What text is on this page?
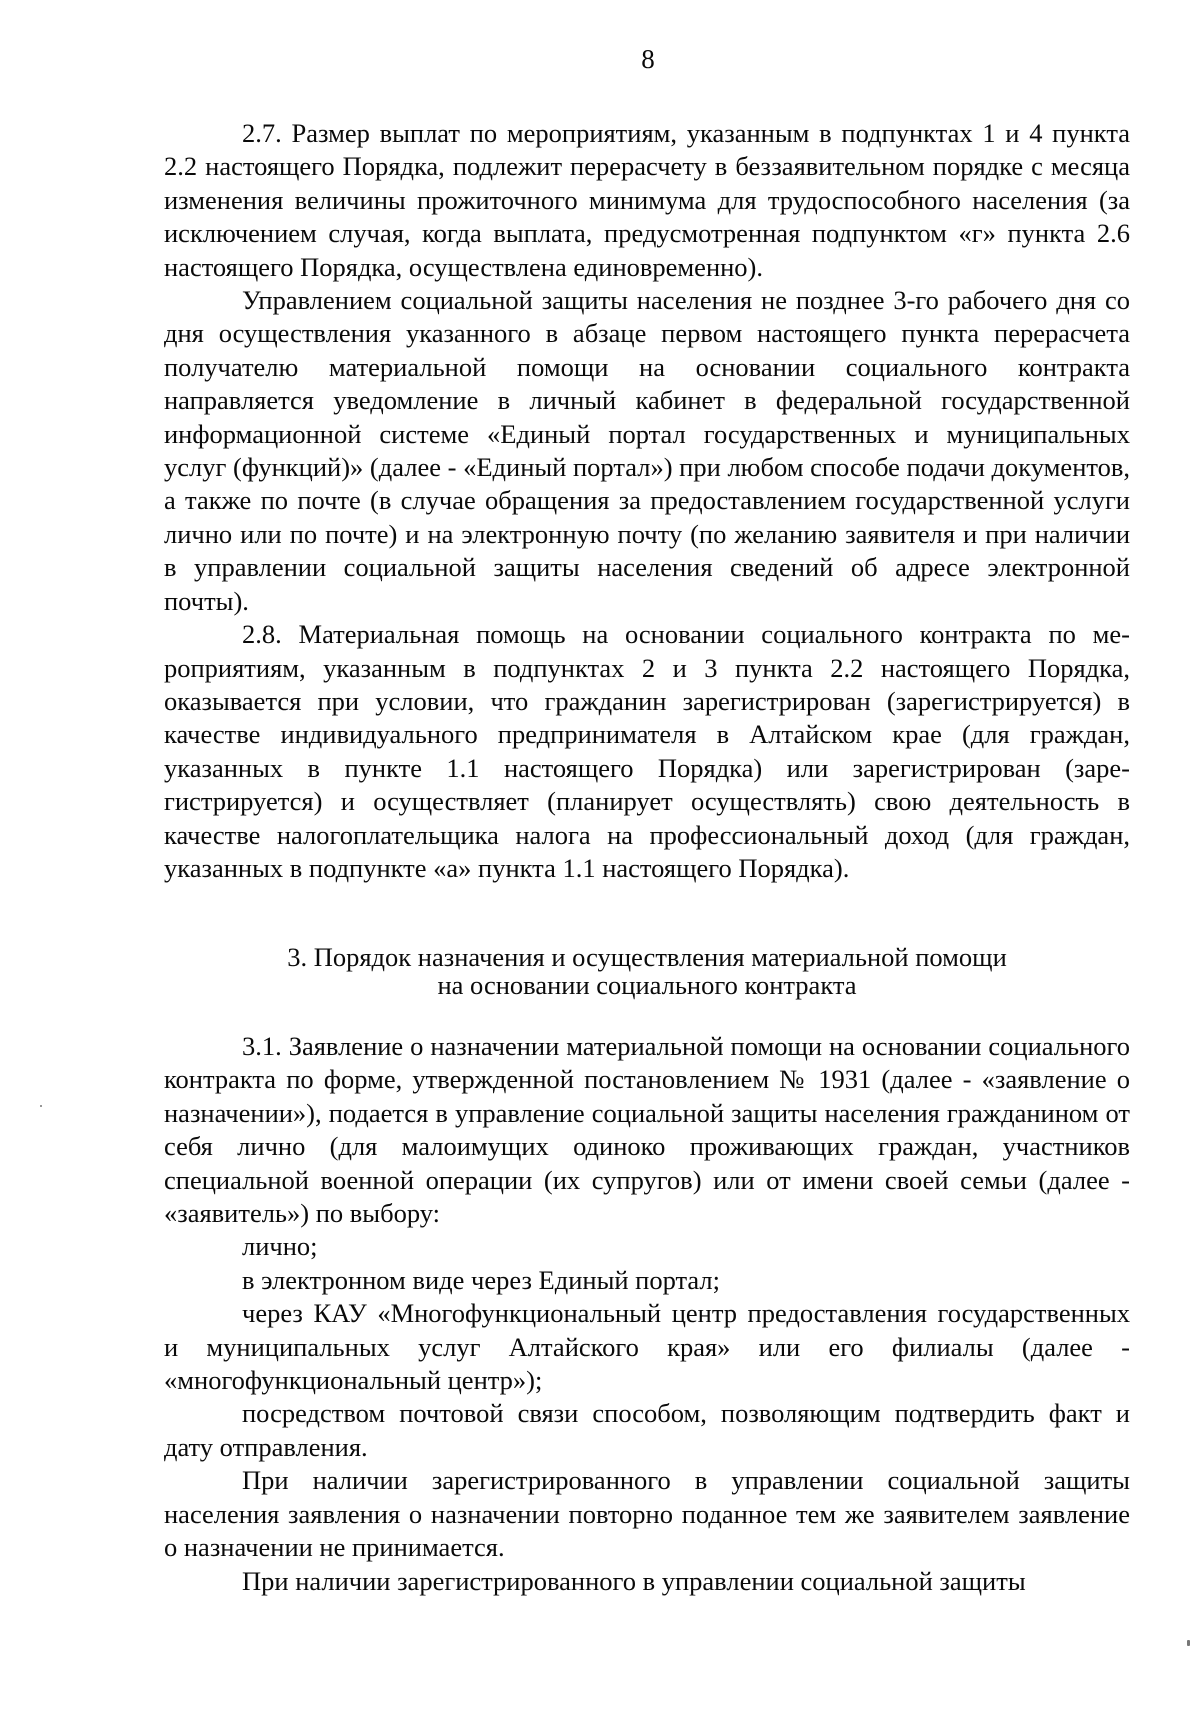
8

2.7. Размер выплат по мероприятиям, указанным в подпунктах 1 и 4 пункта 2.2 настоящего Порядка, подлежит перерасчету в беззаявительном порядке с месяца изменения величины прожиточного минимума для трудоспособного населения (за исключением случая, когда выплата, предусмотренная подпунктом «г» пункта 2.6 настоящего Порядка, осуществлена единовременно).

Управлением социальной защиты населения не позднее 3-го рабочего дня со дня осуществления указанного в абзаце первом настоящего пункта перерасчета получателю материальной помощи на основании социального контракта направляется уведомление в личный кабинет в федеральной государственной информационной системе «Единый портал государственных и муниципальных услуг (функций)» (далее - «Единый портал») при любом способе подачи документов, а также по почте (в случае обращения за предоставлением государственной услуги лично или по почте) и на электронную почту (по желанию заявителя и при наличии в управлении социальной защиты населения сведений об адресе электронной почты).

2.8. Материальная помощь на основании социального контракта по мероприятиям, указанным в подпунктах 2 и 3 пункта 2.2 настоящего Порядка, оказывается при условии, что гражданин зарегистрирован (зарегистрируется) в качестве индивидуального предпринимателя в Алтайском крае (для граждан, указанных в пункте 1.1 настоящего Порядка) или зарегистрирован (зарегистрируется) и осуществляет (планирует осуществлять) свою деятельность в качестве налогоплательщика налога на профессиональный доход (для граждан, указанных в подпункте «а» пункта 1.1 настоящего Порядка).

3. Порядок назначения и осуществления материальной помощи
на основании социального контракта

3.1. Заявление о назначении материальной помощи на основании социального контракта по форме, утвержденной постановлением № 1931 (далее - «заявление о назначении»), подается в управление социальной защиты населения гражданином от себя лично (для малоимущих одиноко проживающих граждан, участников специальной военной операции (их супругов) или от имени своей семьи (далее - «заявитель») по выбору:

лично;

в электронном виде через Единый портал;

через КАУ «Многофункциональный центр предоставления государственных и муниципальных услуг Алтайского края» или его филиалы (далее - «многофункциональный центр»);

посредством почтовой связи способом, позволяющим подтвердить факт и дату отправления.

При наличии зарегистрированного в управлении социальной защиты населения заявления о назначении повторно поданное тем же заявителем заявление о назначении не принимается.

При наличии зарегистрированного в управлении социальной защиты
